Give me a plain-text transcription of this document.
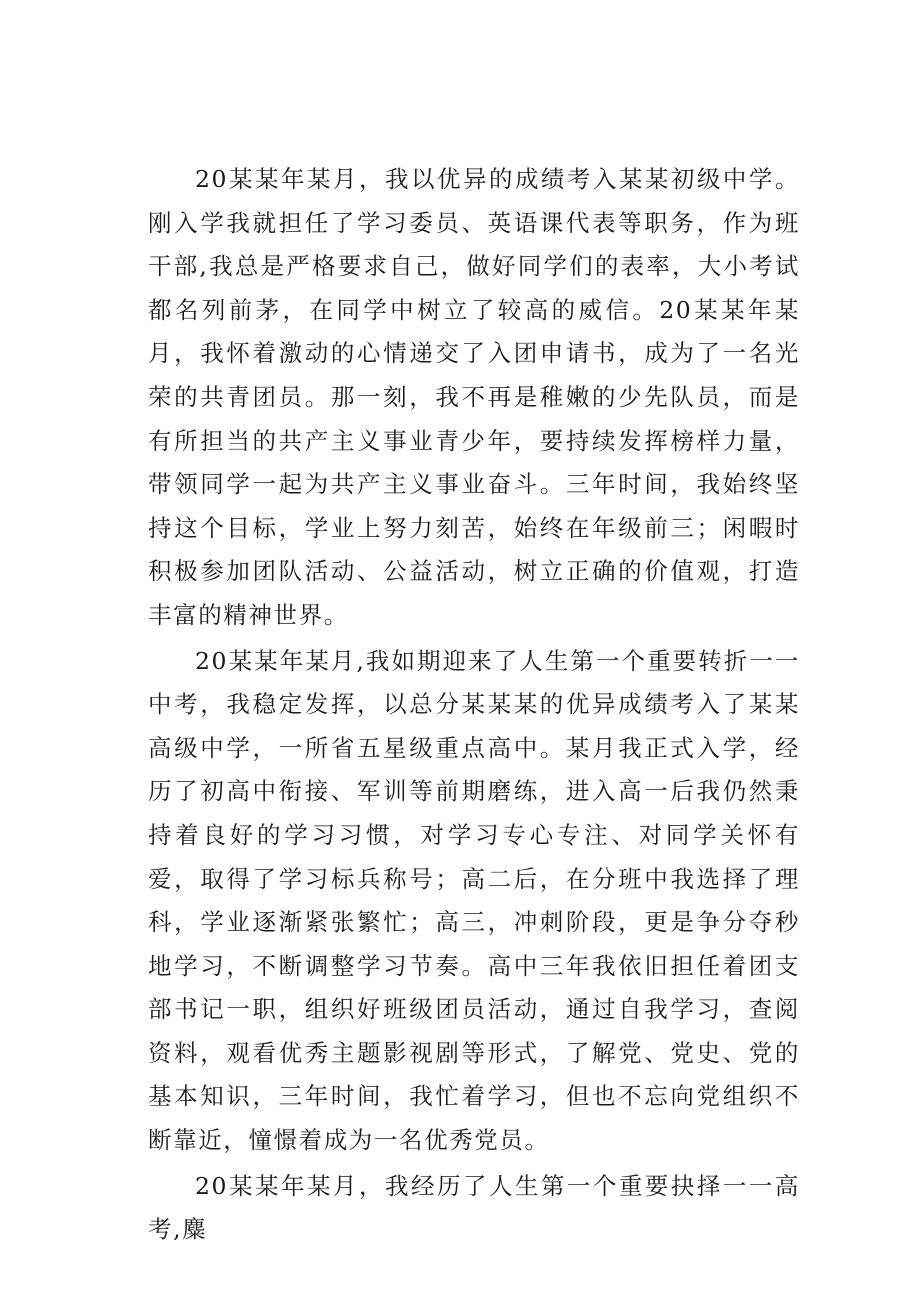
20某某年某月，我以优异的成绩考入某某初级中学。刚入学我就担任了学习委员、英语课代表等职务，作为班干部,我总是严格要求自己，做好同学们的表率，大小考试都名列前茅，在同学中树立了较高的威信。20某某年某月，我怀着激动的心情递交了入团申请书，成为了一名光荣的共青团员。那一刻，我不再是稚嫩的少先队员，而是有所担当的共产主义事业青少年，要持续发挥榜样力量，带领同学一起为共产主义事业奋斗。三年时间，我始终坚持这个目标，学业上努力刻苦，始终在年级前三；闲暇时积极参加团队活动、公益活动，树立正确的价值观，打造丰富的精神世界。

20某某年某月,我如期迎来了人生第一个重要转折一一中考，我稳定发挥，以总分某某某的优异成绩考入了某某高级中学，一所省五星级重点高中。某月我正式入学，经历了初高中衔接、军训等前期磨练，进入高一后我仍然秉持着良好的学习习惯，对学习专心专注、对同学关怀有爱，取得了学习标兵称号；高二后，在分班中我选择了理科，学业逐渐紧张繁忙；高三，冲刺阶段，更是争分夺秒地学习，不断调整学习节奏。高中三年我依旧担任着团支部书记一职，组织好班级团员活动，通过自我学习，查阅资料，观看优秀主题影视剧等形式，了解党、党史、党的基本知识，三年时间，我忙着学习，但也不忘向党组织不断靠近，憧憬着成为一名优秀党员。

20某某年某月，我经历了人生第一个重要抉择一一高考,麋
